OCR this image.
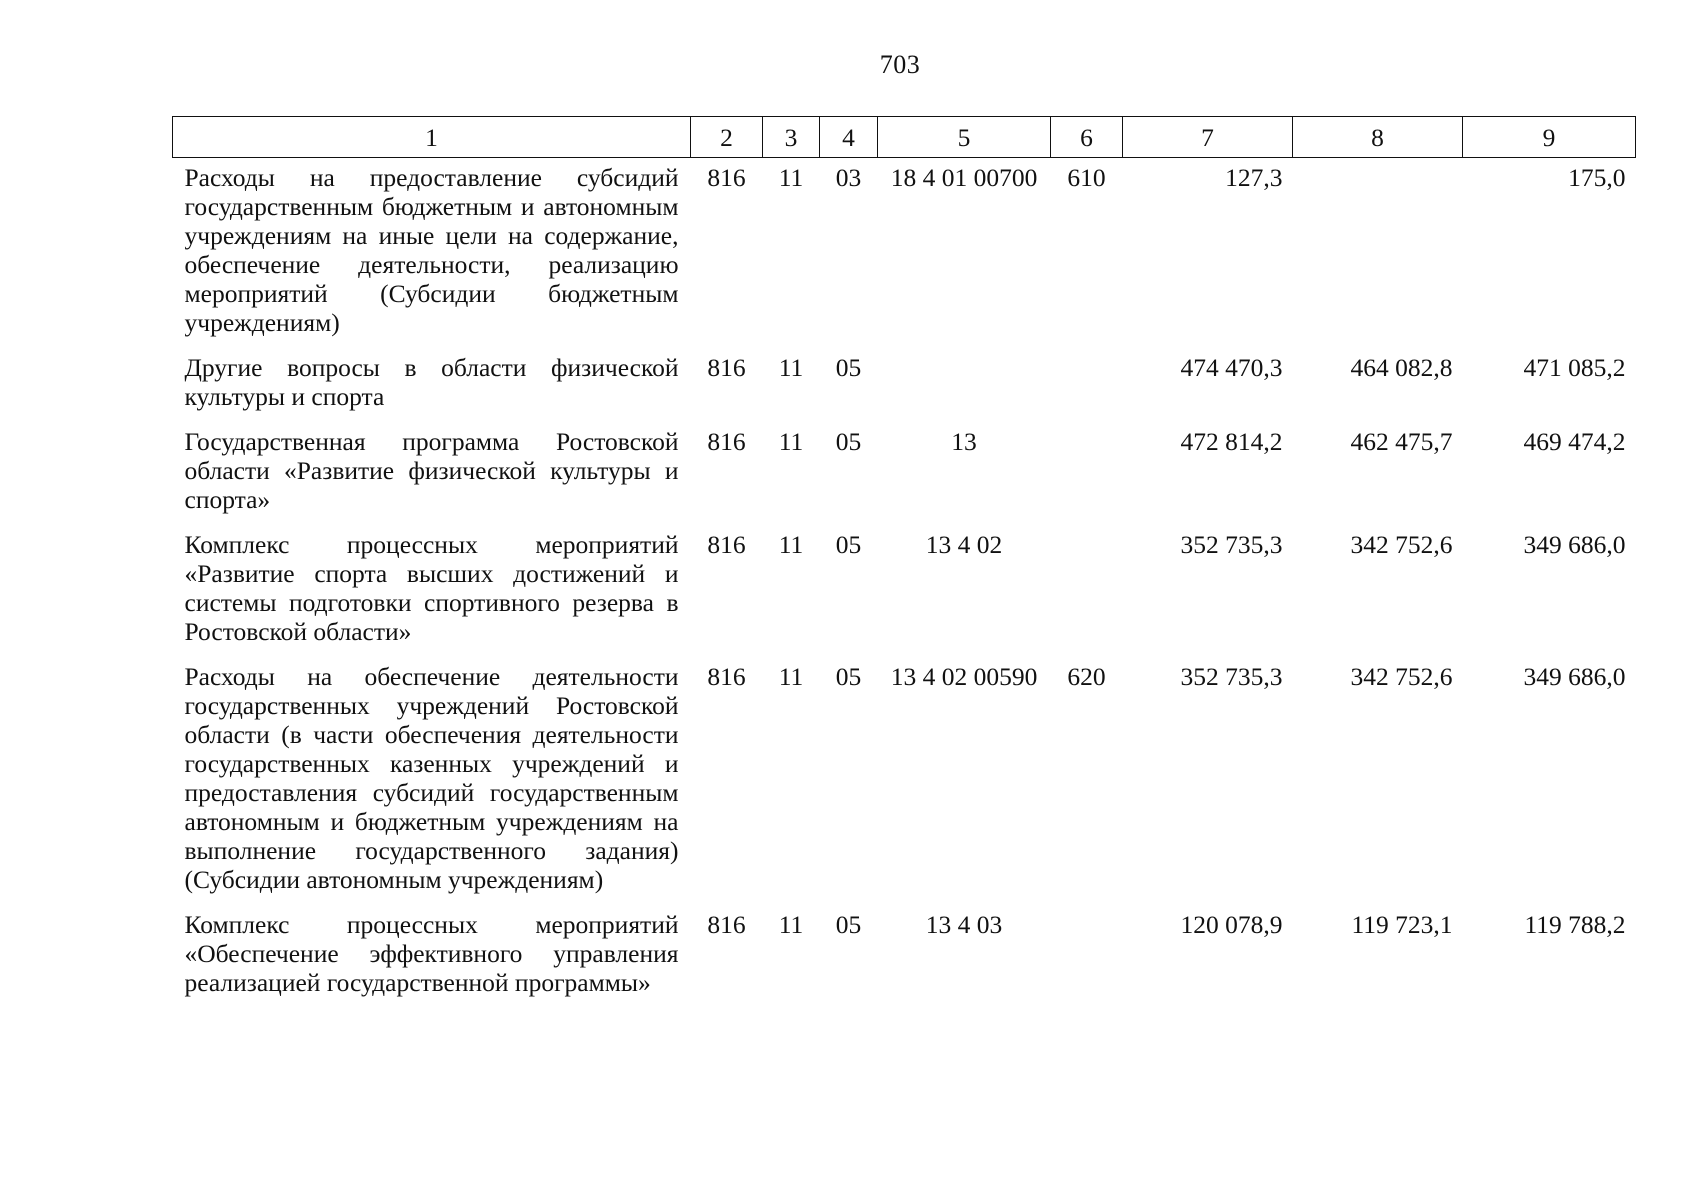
703
1	2	3	4	5	6	7	8	9
Расходы на предоставление субсидий государственным бюджетным и автономным учреждениям на иные цели на содержание, обеспечение деятельности, реализацию мероприятий (Субсидии бюджетным учреждениям)	816	11	03	18 4 01 00700	610	127,3		175,0
Другие вопросы в области физической культуры и спорта	816	11	05			474 470,3	464 082,8	471 085,2
Государственная программа Ростовской области «Развитие физической культуры и спорта»	816	11	05	13		472 814,2	462 475,7	469 474,2
Комплекс процессных мероприятий «Развитие спорта высших достижений и системы подготовки спортивного резерва в Ростовской области»	816	11	05	13 4 02		352 735,3	342 752,6	349 686,0
Расходы на обеспечение деятельности государственных учреждений Ростовской области (в части обеспечения деятельности государственных казенных учреждений и предоставления субсидий государственным автономным и бюджетным учреждениям на выполнение государственного задания) (Субсидии автономным учреждениям)	816	11	05	13 4 02 00590	620	352 735,3	342 752,6	349 686,0
Комплекс процессных мероприятий «Обеспечение эффективного управления реализацией государственной программы»	816	11	05	13 4 03		120 078,9	119 723,1	119 788,2
